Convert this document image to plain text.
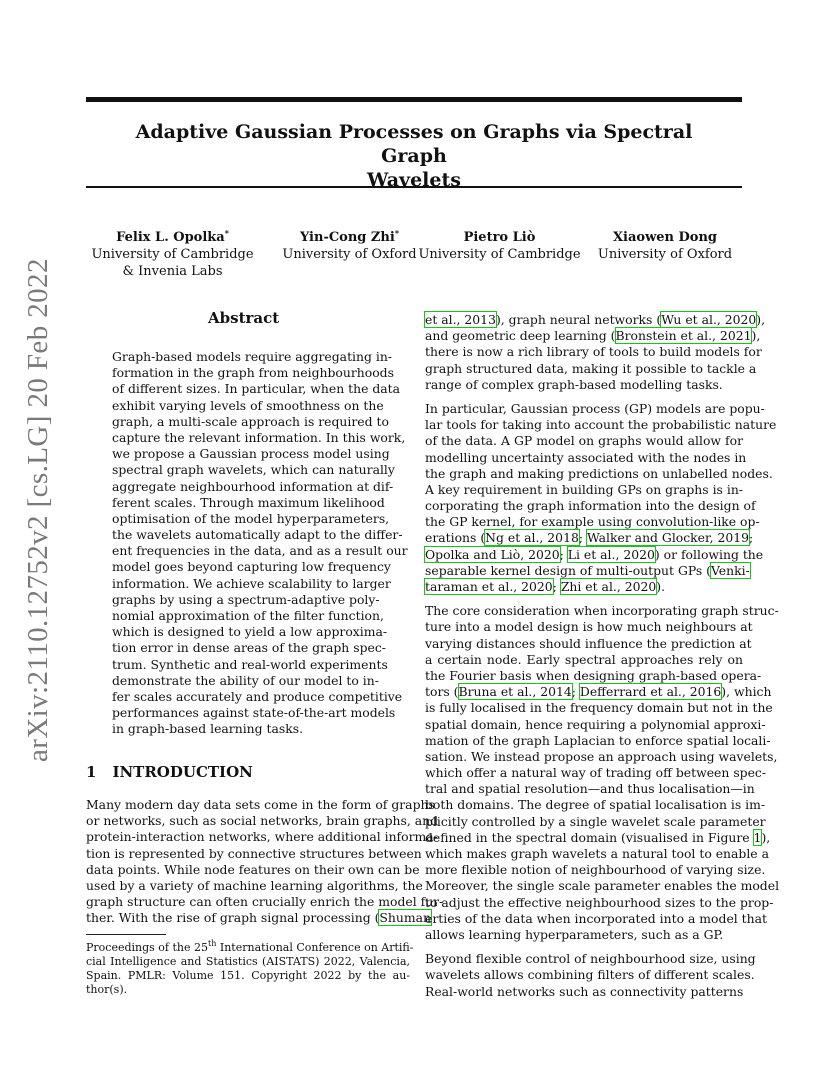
Adaptive Gaussian Processes on Graphs via Spectral Graph
Wavelets
Felix L. Opolka*
University of Cambridge
& Invenia Labs
Yin-Cong Zhi*
University of Oxford
Pietro Liò
University of Cambridge
Xiaowen Dong
University of Oxford
arXiv:2110.12752v2 [cs.LG] 20 Feb 2022	Abstract
Graph-based models require aggregating in-
formation in the graph from neighbourhoods
of different sizes. In particular, when the data
exhibit varying levels of smoothness on the
graph, a multi-scale approach is required to
capture the relevant information. In this work,
we propose a Gaussian process model using
spectral graph wavelets, which can naturally
aggregate neighbourhood information at dif-
ferent scales. Through maximum likelihood
optimisation of the model hyperparameters,
the wavelets automatically adapt to the differ-
ent frequencies in the data, and as a result our
model goes beyond capturing low frequency
information. We achieve scalability to larger
graphs by using a spectrum-adaptive poly-
nomial approximation of the filter function,
which is designed to yield a low approxima-
tion error in dense areas of the graph spec-
trum. Synthetic and real-world experiments
demonstrate the ability of our model to in-
fer scales accurately and produce competitive
performances against state-of-the-art models
in graph-based learning tasks.
1 INTRODUCTION
Many modern day data sets come in the form of graphs
or networks, such as social networks, brain graphs, and
protein-interaction networks, where additional informa-
tion is represented by connective structures between
data points. While node features on their own can be
used by a variety of machine learning algorithms, the
graph structure can often crucially enrich the model fur-
ther. With the rise of graph signal processing (Shuman
Proceedings of the 25th International Conference on Artifi-
cial Intelligence and Statistics (AISTATS) 2022, Valencia,
Spain. PMLR: Volume 151. Copyright 2022 by the au-
thor(s).
et al., 2013), graph neural networks (Wu et al., 2020),
and geometric deep learning (Bronstein et al., 2021),
there is now a rich library of tools to build models for
graph structured data, making it possible to tackle a
range of complex graph-based modelling tasks.
In particular, Gaussian process (GP) models are popu-
lar tools for taking into account the probabilistic nature
of the data. A GP model on graphs would allow for
modelling uncertainty associated with the nodes in
the graph and making predictions on unlabelled nodes.
A key requirement in building GPs on graphs is in-
corporating the graph information into the design of
the GP kernel, for example using convolution-like op-
erations (Ng et al., 2018; Walker and Glocker, 2019;
Opolka and Liò, 2020; Li et al., 2020) or following the
separable kernel design of multi-output GPs (Venki-
taraman et al., 2020; Zhi et al., 2020).
The core consideration when incorporating graph struc-
ture into a model design is how much neighbours at
varying distances should influence the prediction at
a certain node. Early spectral approaches rely on
the Fourier basis when designing graph-based opera-
tors (Bruna et al., 2014; Defferrard et al., 2016), which
is fully localised in the frequency domain but not in the
spatial domain, hence requiring a polynomial approxi-
mation of the graph Laplacian to enforce spatial locali-
sation. We instead propose an approach using wavelets,
which offer a natural way of trading off between spec-
tral and spatial resolution—and thus localisation—in
both domains. The degree of spatial localisation is im-
plicitly controlled by a single wavelet scale parameter
defined in the spectral domain (visualised in Figure 1),
which makes graph wavelets a natural tool to enable a
more flexible notion of neighbourhood of varying size.
Moreover, the single scale parameter enables the model
to adjust the effective neighbourhood sizes to the prop-
erties of the data when incorporated into a model that
allows learning hyperparameters, such as a GP.
Beyond flexible control of neighbourhood size, using
wavelets allows combining filters of different scales.
Real-world networks such as connectivity patterns
